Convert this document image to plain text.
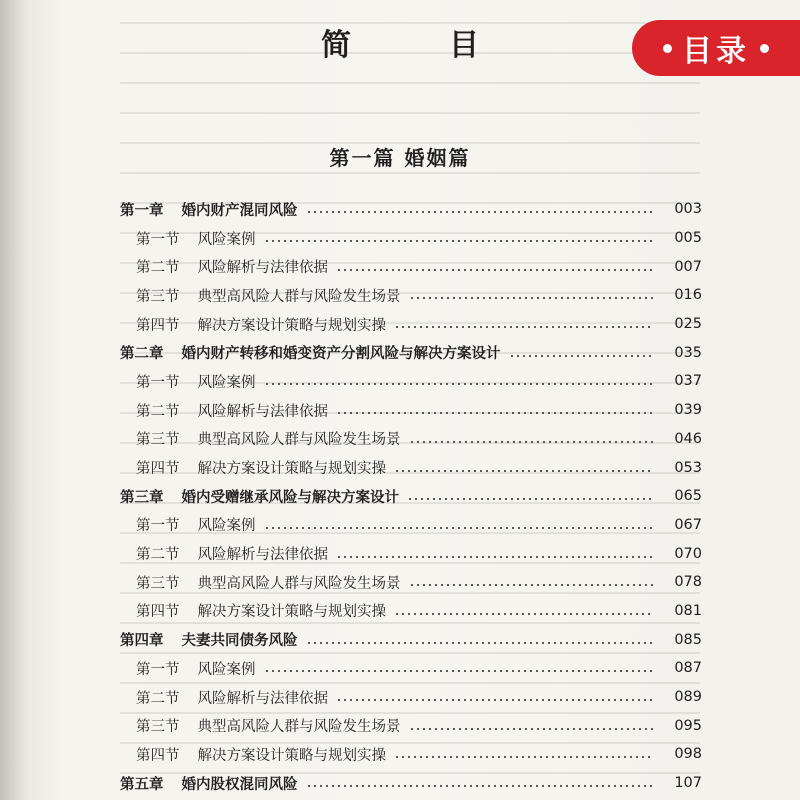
简　目
第一篇 婚姻篇
第一章 婚内财产混同风险	003
第一节 风险案例	005
第二节 风险解析与法律依据	007
第三节 典型高风险人群与风险发生场景	016
第四节 解决方案设计策略与规划实操	025
第二章 婚内财产转移和婚变资产分割风险与解决方案设计	035
第一节 风险案例	037
第二节 风险解析与法律依据	039
第三节 典型高风险人群与风险发生场景	046
第四节 解决方案设计策略与规划实操	053
第三章 婚内受赠继承风险与解决方案设计	065
第一节 风险案例	067
第二节 风险解析与法律依据	070
第三节 典型高风险人群与风险发生场景	078
第四节 解决方案设计策略与规划实操	081
第四章 夫妻共同债务风险	085
第一节 风险案例	087
第二节 风险解析与法律依据	089
第三节 典型高风险人群与风险发生场景	095
第四节 解决方案设计策略与规划实操	098
第五章 婚内股权混同风险	107
目录
